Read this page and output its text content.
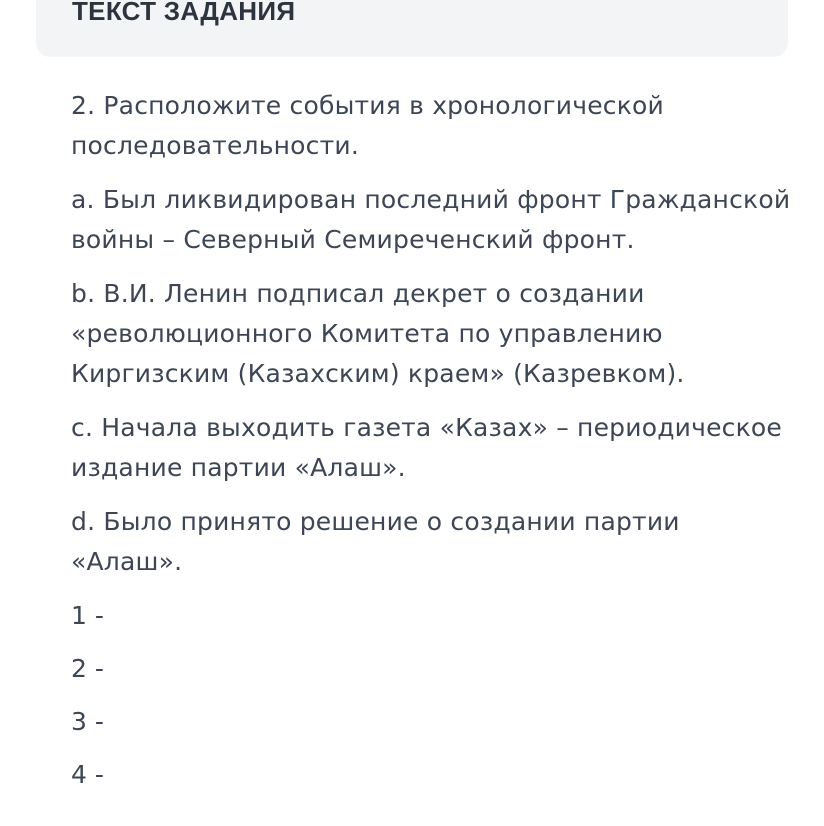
ТЕКСТ ЗАДАНИЯ

2. Расположите события в хронологической последовательности.

a. Был ликвидирован последний фронт Гражданской войны – Северный Семиреченский фронт.

b. В.И. Ленин подписал декрет о создании «революционного Комитета по управлению Киргизским (Казахским) краем» (Казревком).

c. Начала выходить газета «Казах» – периодическое издание партии «Алаш».

d. Было принято решение о создании партии «Алаш».

1 -

2 -

3 -

4 -
